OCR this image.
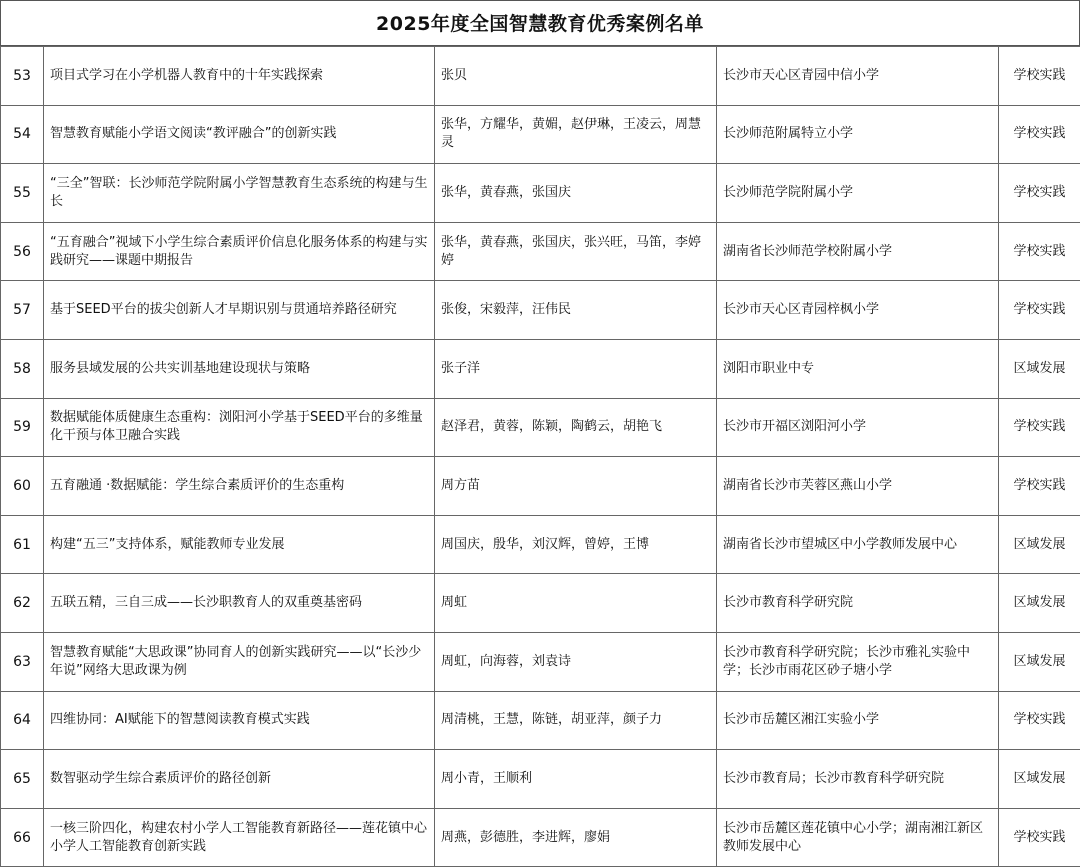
2025年度全国智慧教育优秀案例名单
53	项目式学习在小学机器人教育中的十年实践探索	张贝	长沙市天心区青园中信小学	学校实践
54	智慧教育赋能小学语文阅读“教评融合”的创新实践	张华，方耀华，黄媚，赵伊琳，王凌云，周慧灵	长沙师范附属特立小学	学校实践
55	“三全”智联：长沙师范学院附属小学智慧教育生态系统的构建与生长	张华，黄春燕，张国庆	长沙师范学院附属小学	学校实践
56	“五育融合”视域下小学生综合素质评价信息化服务体系的构建与实践研究——课题中期报告	张华，黄春燕，张国庆，张兴旺，马笛，李婷婷	湖南省长沙师范学校附属小学	学校实践
57	基于SEED平台的拔尖创新人才早期识别与贯通培养路径研究	张俊，宋毅萍，汪伟民	长沙市天心区青园梓枫小学	学校实践
58	服务县域发展的公共实训基地建设现状与策略	张子洋	浏阳市职业中专	区域发展
59	数据赋能体质健康生态重构：浏阳河小学基于SEED平台的多维量化干预与体卫融合实践	赵泽君，黄蓉，陈颖，陶鹤云，胡艳飞	长沙市开福区浏阳河小学	学校实践
60	五育融通 ·数据赋能：学生综合素质评价的生态重构	周方苗	湖南省长沙市芙蓉区燕山小学	学校实践
61	构建“五三”支持体系，赋能教师专业发展	周国庆，殷华，刘汉辉，曾婷，王博	湖南省长沙市望城区中小学教师发展中心	区域发展
62	五联五精，三自三成——长沙职教育人的双重奠基密码	周虹	长沙市教育科学研究院	区域发展
63	智慧教育赋能“大思政课”协同育人的创新实践研究——以“长沙少年说”网络大思政课为例	周虹，向海蓉，刘袁诗	长沙市教育科学研究院；长沙市雅礼实验中学；长沙市雨花区砂子塘小学	区域发展
64	四维协同：AI赋能下的智慧阅读教育模式实践	周清桃，王慧，陈链，胡亚萍，颜子力	长沙市岳麓区湘江实验小学	学校实践
65	数智驱动学生综合素质评价的路径创新	周小青，王顺利	长沙市教育局；长沙市教育科学研究院	区域发展
66	一核三阶四化，构建农村小学人工智能教育新路径——莲花镇中心小学人工智能教育创新实践	周燕，彭德胜，李进辉，廖娟	长沙市岳麓区莲花镇中心小学；湖南湘江新区教师发展中心	学校实践
